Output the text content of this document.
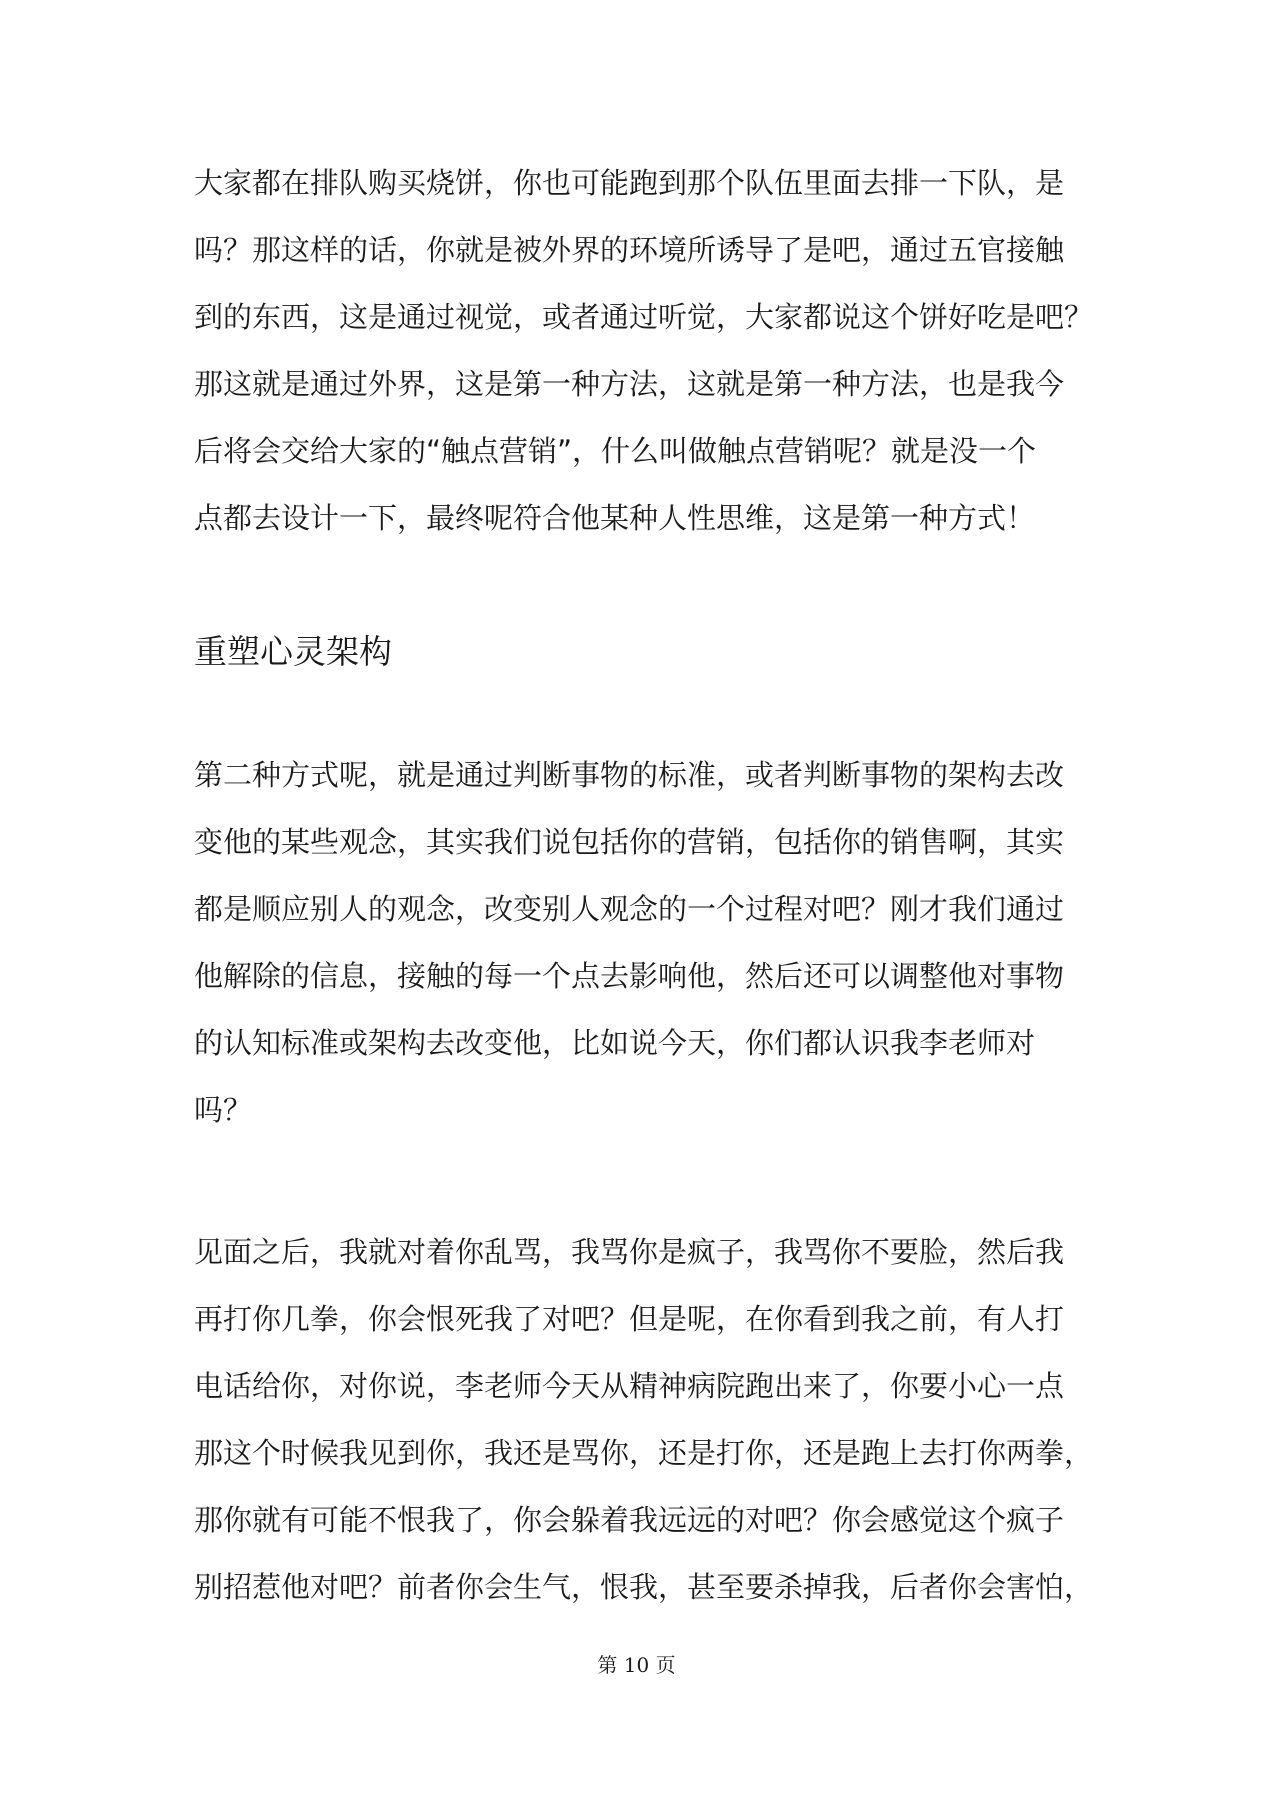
大家都在排队购买烧饼，你也可能跑到那个队伍里面去排一下队，是
吗？那这样的话，你就是被外界的环境所诱导了是吧，通过五官接触
到的东西，这是通过视觉，或者通过听觉，大家都说这个饼好吃是吧？
那这就是通过外界，这是第一种方法，这就是第一种方法，也是我今
后将会交给大家的“触点营销”，什么叫做触点营销呢？就是没一个
点都去设计一下，最终呢符合他某种人性思维，这是第一种方式！
重塑心灵架构
第二种方式呢，就是通过判断事物的标准，或者判断事物的架构去改
变他的某些观念，其实我们说包括你的营销，包括你的销售啊，其实
都是顺应别人的观念，改变别人观念的一个过程对吧？刚才我们通过
他解除的信息，接触的每一个点去影响他，然后还可以调整他对事物
的认知标准或架构去改变他，比如说今天，你们都认识我李老师对
吗？
见面之后，我就对着你乱骂，我骂你是疯子，我骂你不要脸，然后我
再打你几拳，你会恨死我了对吧？但是呢，在你看到我之前，有人打
电话给你，对你说，李老师今天从精神病院跑出来了，你要小心一点
那这个时候我见到你，我还是骂你，还是打你，还是跑上去打你两拳，
那你就有可能不恨我了，你会躲着我远远的对吧？你会感觉这个疯子
别招惹他对吧？前者你会生气，恨我，甚至要杀掉我，后者你会害怕，
第 10 页
